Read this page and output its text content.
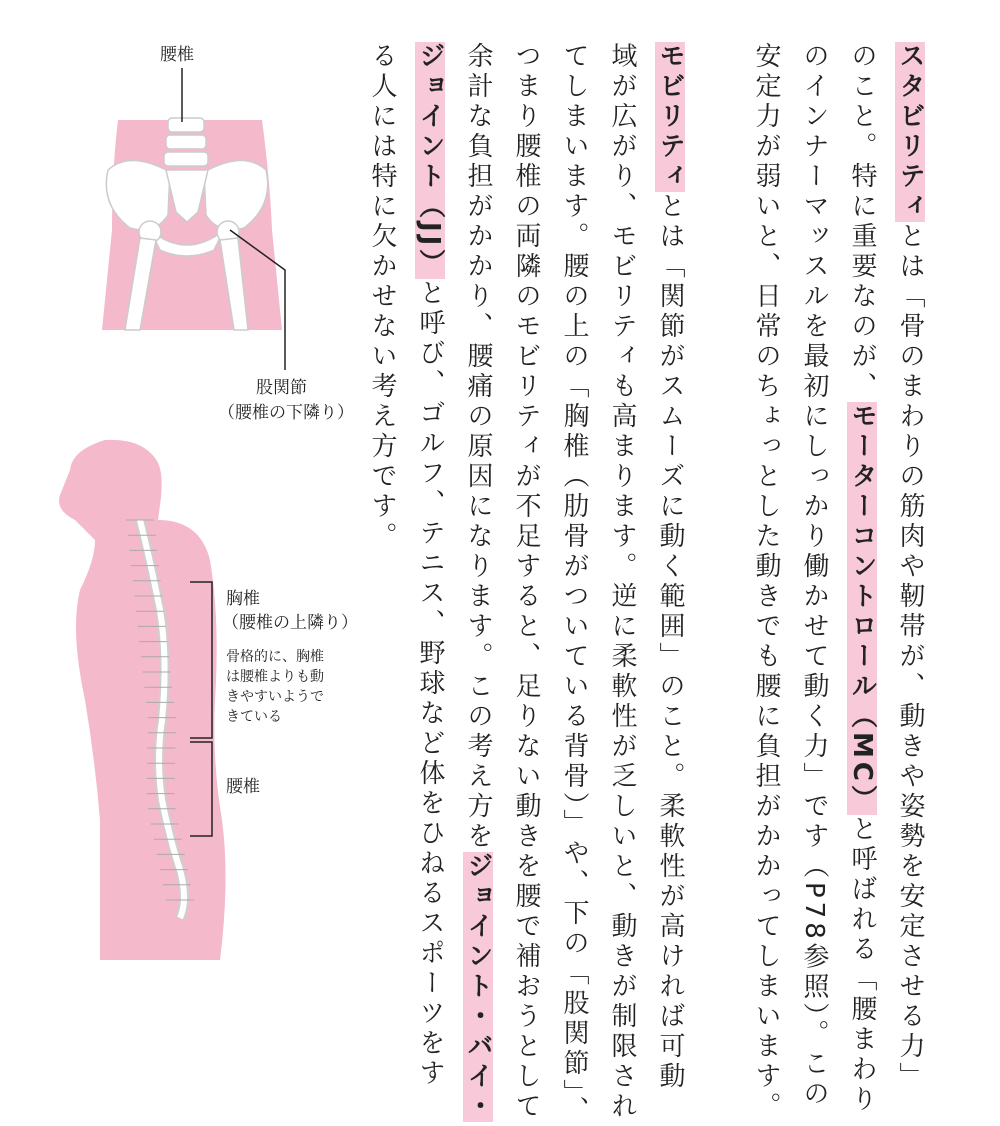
腰椎
股関節
（腰椎の下隣り）
胸椎
（腰椎の上隣り）
骨格的に、胸椎
は腰椎よりも動
きやすいようで
きている
腰椎
スタビリティとは「骨のまわりの筋肉や靭帯が、動きや姿勢を安定させる力」
のこと。特に重要なのが、モーターコントロール（MC）と呼ばれる「腰まわり
のインナーマッスルを最初にしっかり働かせて動く力」です（P78参照）。この
安定力が弱いと、日常のちょっとした動きでも腰に負担がかかってしまいます。
モビリティとは「関節がスムーズに動く範囲」のこと。柔軟性が高ければ可動
域が広がり、モビリティも高まります。逆に柔軟性が乏しいと、動きが制限され
てしまいます。腰の上の「胸椎（肋骨がついている背骨）」や、下の「股関節」、
つまり腰椎の両隣のモビリティが不足すると、足りない動きを腰で補おうとして
余計な負担がかかり、腰痛の原因になります。この考え方をジョイント・バイ・
ジョイント（JJ）と呼び、ゴルフ、テニス、野球など体をひねるスポーツをす
る人には特に欠かせない考え方です。
